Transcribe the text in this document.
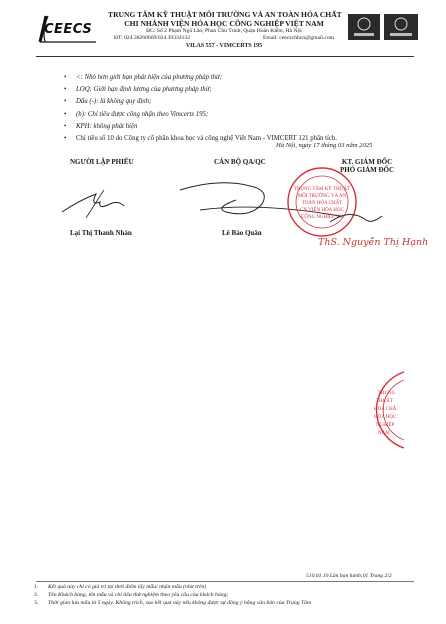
CEECS
TRUNG TÂM KỸ THUẬT MÔI TRƯỜNG VÀ AN TOÀN HÓA CHẤT
CHI NHÁNH VIỆN HÓA HỌC CÔNG NGHIỆP VIỆT NAM
ĐC: Số 2 Phạm Ngũ Lão, Phan Chu Trinh, Quận Hoàn Kiếm, Hà Nội
ĐT: 024.38260669/024.39334132	Email: ceecsvhhcn@gmail.com
VILAS 557 - VIMCERTS 195
• <: Nhỏ hơn giới hạn phát hiện của phương pháp thử;
• LOQ: Giới hạn định lượng của phương pháp thử;
• Dấu (-): là không quy định;
• (b): Chỉ tiêu được công nhận theo Vimcerts 195;
• KPH: không phát hiện
• Chỉ tiêu số 10 do Công ty cổ phần khoa học và công nghệ Việt Nam - VIMCERT 121 phân tích.
Hà Nội, ngày 17 tháng 03 năm 2025
NGƯỜI LẬP PHIẾU	CÁN BỘ QA/QC	KT. GIÁM ĐỐC
PHÓ GIÁM ĐỐC
TRUNG TÂM KỸ THUẬT
MÔI TRƯỜNG VÀ AN
TOÀN HÓA CHẤT
CN VIỆN HÓA HỌC
CÔNG NGHIỆP VN
Lại Thị Thanh Nhàn	Lê Bảo Quân
ThS. Nguyễn Thị Hạnh
TRUNG
THUẬT
HÓA CHẤ
HÓA HỌC
NGHIỆP
NAM
510.01.10 Lần ban hành:01 Trang 2/2
1. Kết quả này chỉ có giá trị tại thời điểm lấy mẫu/ nhận mẫu (như trên)
2. Tên Khách hàng, tên mẫu và chỉ tiêu thử nghiệm theo yêu cầu của khách hàng;
3. Thời gian lưu mẫu là 5 ngày. Không trích, sao kết quả này nếu không được sự đồng ý bằng văn bản của Trung Tâm
